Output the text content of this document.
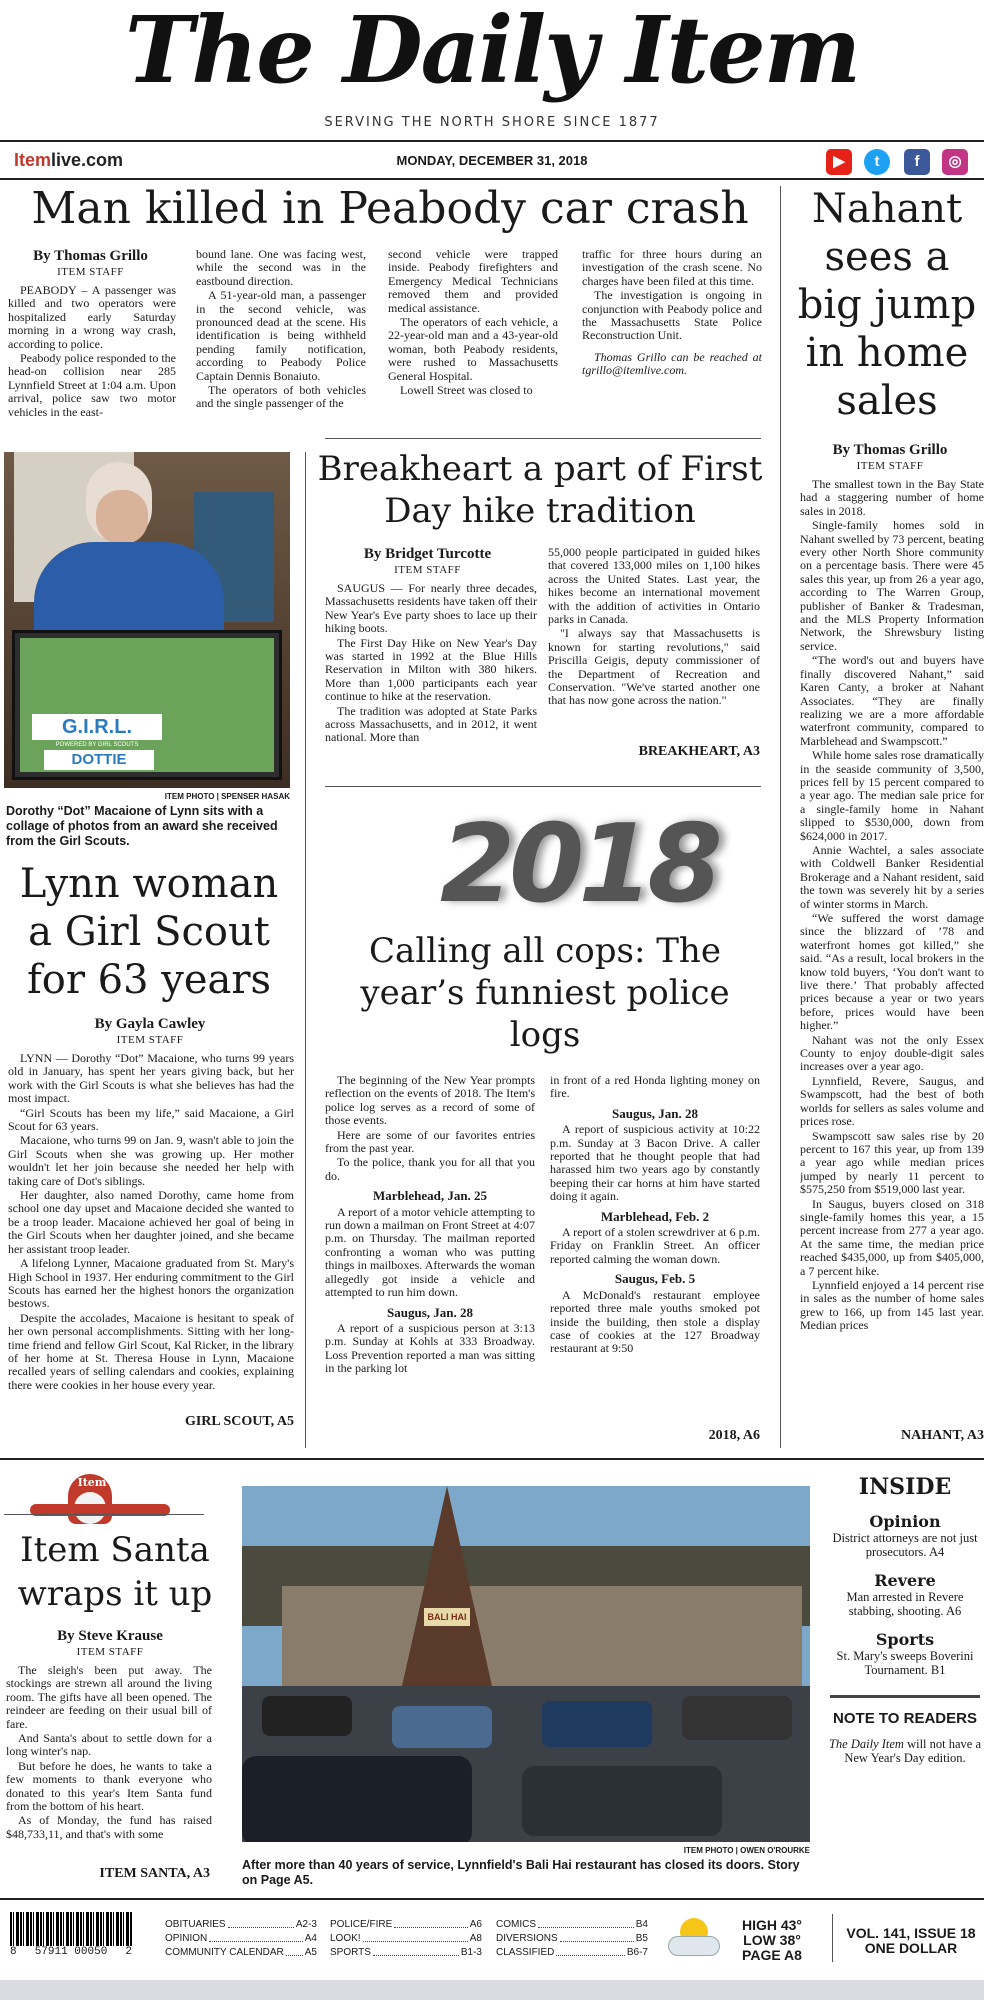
The Daily Item
SERVING THE NORTH SHORE SINCE 1877
Itemlive.com	MONDAY, DECEMBER 31, 2018	▶	t	f	◎
Man killed in Peabody car crash
By Thomas Grillo
ITEM STAFF

PEABODY – A passenger was killed and two operators were hospitalized early Saturday morning in a wrong way crash, according to police.

Peabody police responded to the head-on collision near 285 Lynnfield Street at 1:04 a.m. Upon arrival, police saw two motor vehicles in the east-

bound lane. One was facing west, while the second was in the eastbound direction.

A 51-year-old man, a passenger in the second vehicle, was pronounced dead at the scene. His identification is being withheld pending family notification, according to Peabody Police Captain Dennis Bonaiuto.

The operators of both vehicles and the single passenger of the

second vehicle were trapped inside. Peabody firefighters and Emergency Medical Technicians removed them and provided medical assistance.

The operators of each vehicle, a 22-year-old man and a 43-year-old woman, both Peabody residents, were rushed to Massachusetts General Hospital.

Lowell Street was closed to

traffic for three hours during an investigation of the crash scene. No charges have been filed at this time.

The investigation is ongoing in conjunction with Peabody police and the Massachusetts State Police Reconstruction Unit.

Thomas Grillo can be reached at tgrillo@itemlive.com.

Nahant sees a big jump in home sales
By Thomas Grillo
ITEM STAFF

The smallest town in the Bay State had a staggering number of home sales in 2018.

Single-family homes sold in Nahant swelled by 73 percent, beating every other North Shore community on a percentage basis. There were 45 sales this year, up from 26 a year ago, according to The Warren Group, publisher of Banker & Tradesman, and the MLS Property Information Network, the Shrewsbury listing service.

“The word's out and buyers have finally discovered Nahant,” said Karen Canty, a broker at Nahant Associates. “They are finally realizing we are a more affordable waterfront community, compared to Marblehead and Swampscott.”

While home sales rose dramatically in the seaside community of 3,500, prices fell by 15 percent compared to a year ago. The median sale price for a single-family home in Nahant slipped to $530,000, down from $624,000 in 2017.

Annie Wachtel, a sales associate with Coldwell Banker Residential Brokerage and a Nahant resident, said the town was severely hit by a series of winter storms in March.

“We suffered the worst damage since the blizzard of ’78 and waterfront homes got killed,” she said. “As a result, local brokers in the know told buyers, ‘You don't want to live there.’ That probably affected prices because a year or two years before, prices would have been higher.”

Nahant was not the only Essex County to enjoy double-digit sales increases over a year ago.

Lynnfield, Revere, Saugus, and Swampscott, had the best of both worlds for sellers as sales volume and prices rose.

Swampscott saw sales rise by 20 percent to 167 this year, up from 139 a year ago while median prices jumped by nearly 11 percent to $575,250 from $519,000 last year.

In Saugus, buyers closed on 318 single-family homes this year, a 15 percent increase from 277 a year ago. At the same time, the median price reached $435,000, up from $405,000, a 7 percent hike.

Lynnfield enjoyed a 14 percent rise in sales as the number of home sales grew to 166, up from 145 last year. Median prices

NAHANT, A3
G.I.R.L.
POWERED BY GIRL SCOUTS
DOTTIE
ITEM PHOTO | SPENSER HASAK
Dorothy “Dot” Macaione of Lynn sits with a collage of photos from an award she received from the Girl Scouts.
Lynn woman a Girl Scout for 63 years
By Gayla Cawley
ITEM STAFF

LYNN — Dorothy “Dot” Macaione, who turns 99 years old in January, has spent her years giving back, but her work with the Girl Scouts is what she believes has had the most impact.

“Girl Scouts has been my life,” said Macaione, a Girl Scout for 63 years.

Macaione, who turns 99 on Jan. 9, wasn't able to join the Girl Scouts when she was growing up. Her mother wouldn't let her join because she needed her help with taking care of Dot's siblings.

Her daughter, also named Dorothy, came home from school one day upset and Macaione decided she wanted to be a troop leader. Macaione achieved her goal of being in the Girl Scouts when her daughter joined, and she became her assistant troop leader.

A lifelong Lynner, Macaione graduated from St. Mary's High School in 1937. Her enduring commitment to the Girl Scouts has earned her the highest honors the organization bestows.

Despite the accolades, Macaione is hesitant to speak of her own personal accomplishments. Sitting with her long-time friend and fellow Girl Scout, Kal Ricker, in the library of her home at St. Theresa House in Lynn, Macaione recalled years of selling calendars and cookies, explaining there were cookies in her house every year.

GIRL SCOUT, A5
Breakheart a part of First Day hike tradition
By Bridget Turcotte
ITEM STAFF

SAUGUS — For nearly three decades, Massachusetts residents have taken off their New Year's Eve party shoes to lace up their hiking boots.

The First Day Hike on New Year's Day was started in 1992 at the Blue Hills Reservation in Milton with 380 hikers. More than 1,000 participants each year continue to hike at the reservation.

The tradition was adopted at State Parks across Massachusetts, and in 2012, it went national. More than

55,000 people participated in guided hikes that covered 133,000 miles on 1,100 hikes across the United States. Last year, the hikes become an international movement with the addition of activities in Ontario parks in Canada.

"I always say that Massachusetts is known for starting revolutions," said Priscilla Geigis, deputy commissioner of the Department of Recreation and Conservation. "We've started another one that has now gone across the nation."

BREAKHEART, A3
2018
Calling all cops: The year’s funniest police logs

The beginning of the New Year prompts reflection on the events of 2018. The Item's police log serves as a record of some of those events.

Here are some of our favorites entries from the past year.

To the police, thank you for all that you do.

Marblehead, Jan. 25

A report of a motor vehicle attempting to run down a mailman on Front Street at 4:07 p.m. on Thursday. The mailman reported confronting a woman who was putting things in mailboxes. Afterwards the woman allegedly got inside a vehicle and attempted to run him down.

Saugus, Jan. 28

A report of a suspicious person at 3:13 p.m. Sunday at Kohls at 333 Broadway. Loss Prevention reported a man was sitting in the parking lot

in front of a red Honda lighting money on fire.

Saugus, Jan. 28

A report of suspicious activity at 10:22 p.m. Sunday at 3 Bacon Drive. A caller reported that he thought people that had harassed him two years ago by constantly beeping their car horns at him have started doing it again.

Marblehead, Feb. 2

A report of a stolen screwdriver at 6 p.m. Friday on Franklin Street. An officer reported calming the woman down.

Saugus, Feb. 5

A McDonald's restaurant employee reported three male youths smoked pot inside the building, then stole a display case of cookies at the 127 Broadway restaurant at 9:50

2018, A6
Item
Item Santa wraps it up
By Steve Krause
ITEM STAFF

The sleigh's been put away. The stockings are strewn all around the living room. The gifts have all been opened. The reindeer are feeding on their usual bill of fare.

And Santa's about to settle down for a long winter's nap.

But before he does, he wants to take a few moments to thank everyone who donated to this year's Item Santa fund from the bottom of his heart.

As of Monday, the fund has raised $48,733,11, and that's with some

ITEM SANTA, A3
BALI HAI
ITEM PHOTO | OWEN O'ROURKE
After more than 40 years of service, Lynnfield's Bali Hai restaurant has closed its doors. Story on Page A5.
INSIDE
Opinion
District attorneys are not just prosecutors. A4
Revere
Man arrested in Revere stabbing, shooting. A6
Sports
St. Mary's sweeps Boverini Tournament. B1
NOTE TO READERS
The Daily Item will not have a New Year's Day edition.
8 57911 00050 2
OBITUARIES	A2-3
OPINION	A4
COMMUNITY CALENDAR A5
POLICE/FIRE	A6
LOOK!	A8
SPORTS	B1-3
COMICS	B4
DIVERSIONS	B5
CLASSIFIED	B6-7
HIGH 43°
LOW 38°
PAGE A8
VOL. 141, ISSUE 18
ONE DOLLAR
